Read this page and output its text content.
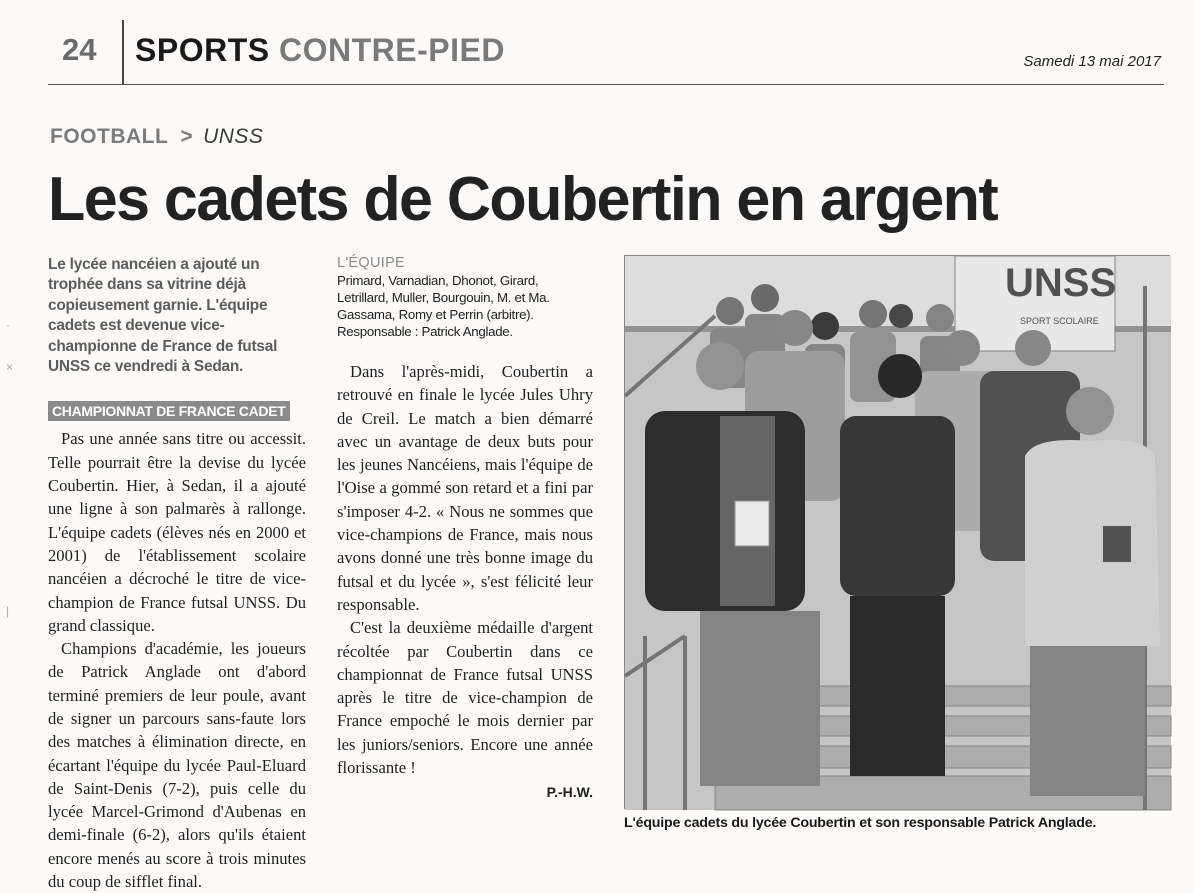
24 SPORTS CONTRE-PIED	Samedi 13 mai 2017
·
×
|
FOOTBALL > UNSS
Les cadets de Coubertin en argent

Le lycée nancéien a ajouté un trophée dans sa vitrine déjà copieusement garnie. L'équipe cadets est devenue vice-championne de France de futsal UNSS ce vendredi à Sedan.

CHAMPIONNAT DE FRANCE CADET

Pas une année sans titre ou accessit. Telle pourrait être la devise du lycée Coubertin. Hier, à Sedan, il a ajouté une ligne à son palmarès à rallonge. L'équipe cadets (élèves nés en 2000 et 2001) de l'établissement scolaire nancéien a décroché le titre de vice-champion de France futsal UNSS. Du grand classique.

Champions d'académie, les joueurs de Patrick Anglade ont d'abord terminé premiers de leur poule, avant de signer un parcours sans-faute lors des matches à élimination directe, en écartant l'équipe du lycée Paul-Eluard de Saint-Denis (7-2), puis celle du lycée Marcel-Grimond d'Aubenas en demi-finale (6-2), alors qu'ils étaient encore menés au score à trois minutes du coup de sifflet final.

L'ÉQUIPE
Primard, Varnadian, Dhonot, Girard, Letrillard, Muller, Bourgouin, M. et Ma. Gassama, Romy et Perrin (arbitre).
Responsable : Patrick Anglade.

Dans l'après-midi, Coubertin a retrouvé en finale le lycée Jules Uhry de Creil. Le match a bien démarré avec un avantage de deux buts pour les jeunes Nancéiens, mais l'équipe de l'Oise a gommé son retard et a fini par s'imposer 4-2. « Nous ne sommes que vice-champions de France, mais nous avons donné une très bonne image du futsal et du lycée », s'est félicité leur responsable.

C'est la deuxième médaille d'argent récoltée par Coubertin dans ce championnat de France futsal UNSS après le titre de vice-champion de France empoché le mois dernier par les juniors/seniors. Encore une année florissante !

P.-H.W.
UNSS
SPORT SCOLAIRE
L'équipe cadets du lycée Coubertin et son responsable Patrick Anglade.
